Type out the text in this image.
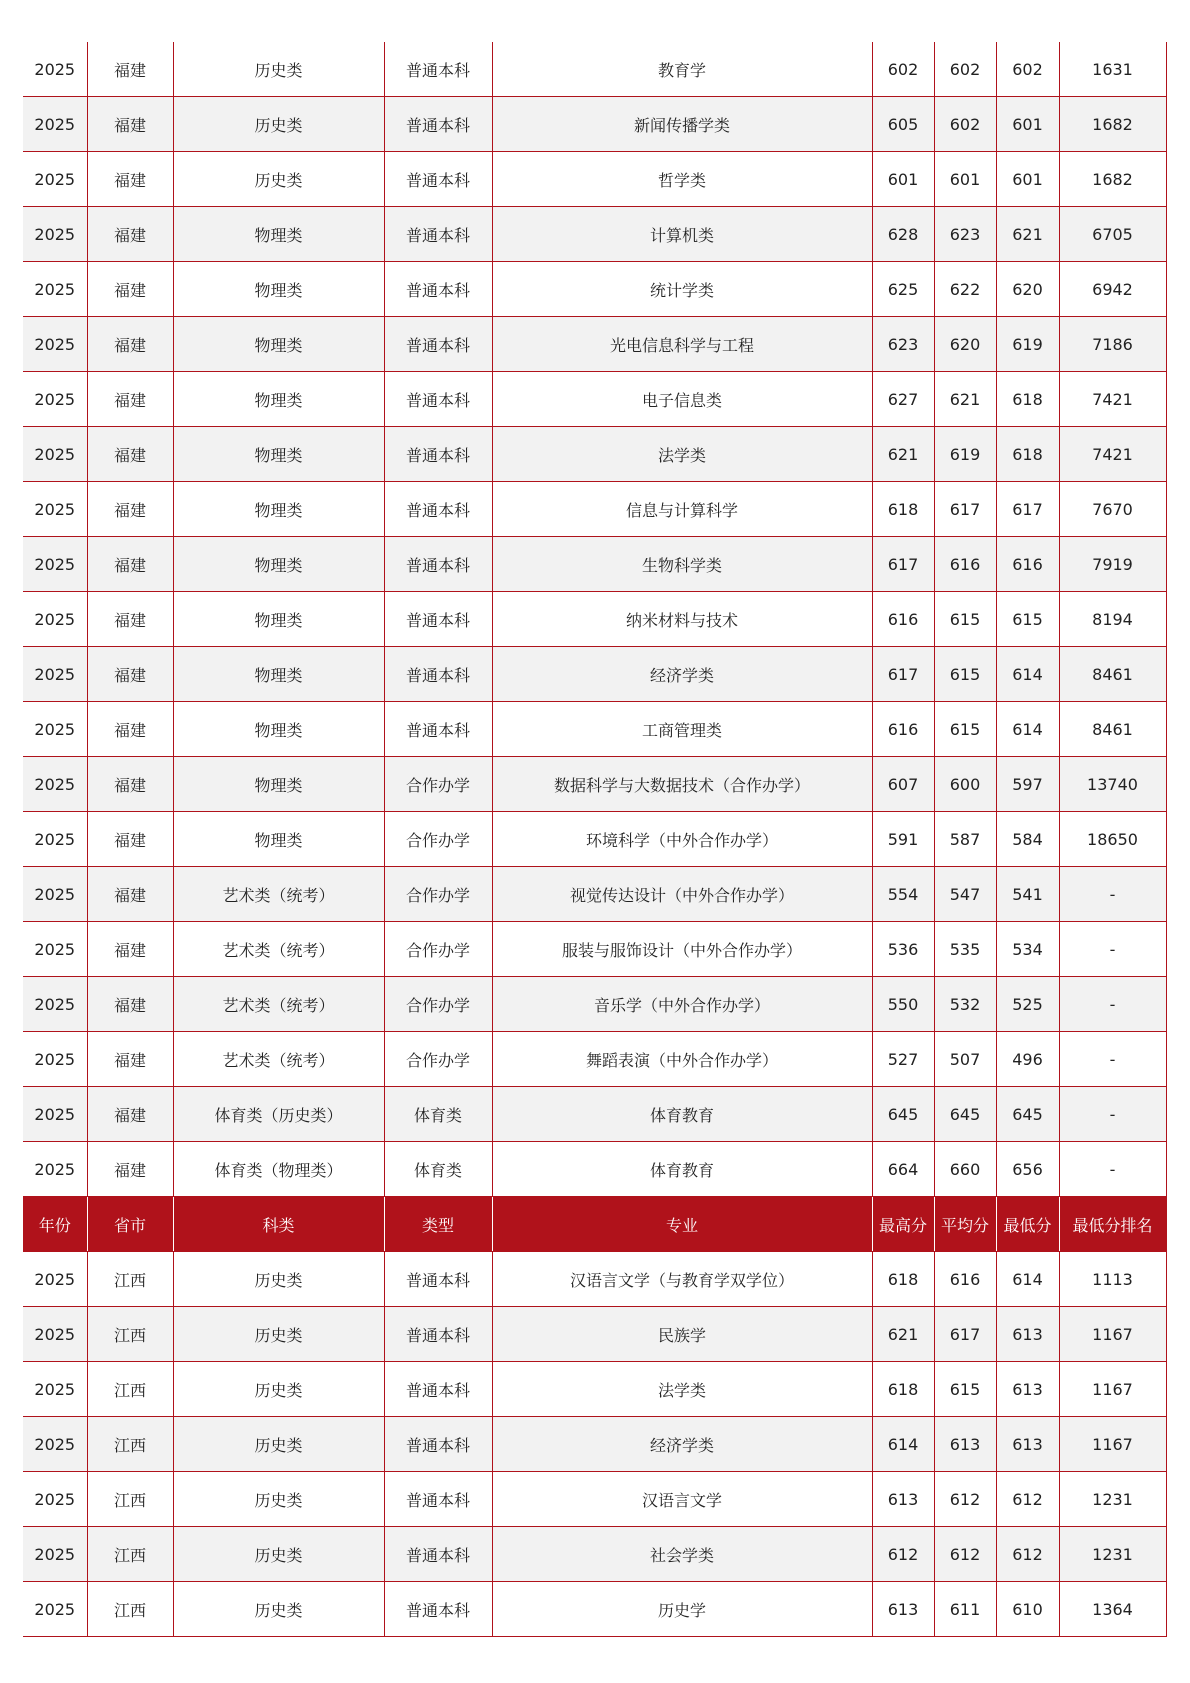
2025	福建	历史类	普通本科	教育学	602	602	602	1631
2025	福建	历史类	普通本科	新闻传播学类	605	602	601	1682
2025	福建	历史类	普通本科	哲学类	601	601	601	1682
2025	福建	物理类	普通本科	计算机类	628	623	621	6705
2025	福建	物理类	普通本科	统计学类	625	622	620	6942
2025	福建	物理类	普通本科	光电信息科学与工程	623	620	619	7186
2025	福建	物理类	普通本科	电子信息类	627	621	618	7421
2025	福建	物理类	普通本科	法学类	621	619	618	7421
2025	福建	物理类	普通本科	信息与计算科学	618	617	617	7670
2025	福建	物理类	普通本科	生物科学类	617	616	616	7919
2025	福建	物理类	普通本科	纳米材料与技术	616	615	615	8194
2025	福建	物理类	普通本科	经济学类	617	615	614	8461
2025	福建	物理类	普通本科	工商管理类	616	615	614	8461
2025	福建	物理类	合作办学	数据科学与大数据技术（合作办学）	607	600	597	13740
2025	福建	物理类	合作办学	环境科学（中外合作办学）	591	587	584	18650
2025	福建	艺术类（统考）	合作办学	视觉传达设计（中外合作办学）	554	547	541	-
2025	福建	艺术类（统考）	合作办学	服装与服饰设计（中外合作办学）	536	535	534	-
2025	福建	艺术类（统考）	合作办学	音乐学（中外合作办学）	550	532	525	-
2025	福建	艺术类（统考）	合作办学	舞蹈表演（中外合作办学）	527	507	496	-
2025	福建	体育类（历史类）	体育类	体育教育	645	645	645	-
2025	福建	体育类（物理类）	体育类	体育教育	664	660	656	-
年份	省市	科类	类型	专业	最高分	平均分	最低分	最低分排名
2025	江西	历史类	普通本科	汉语言文学（与教育学双学位）	618	616	614	1113
2025	江西	历史类	普通本科	民族学	621	617	613	1167
2025	江西	历史类	普通本科	法学类	618	615	613	1167
2025	江西	历史类	普通本科	经济学类	614	613	613	1167
2025	江西	历史类	普通本科	汉语言文学	613	612	612	1231
2025	江西	历史类	普通本科	社会学类	612	612	612	1231
2025	江西	历史类	普通本科	历史学	613	611	610	1364
